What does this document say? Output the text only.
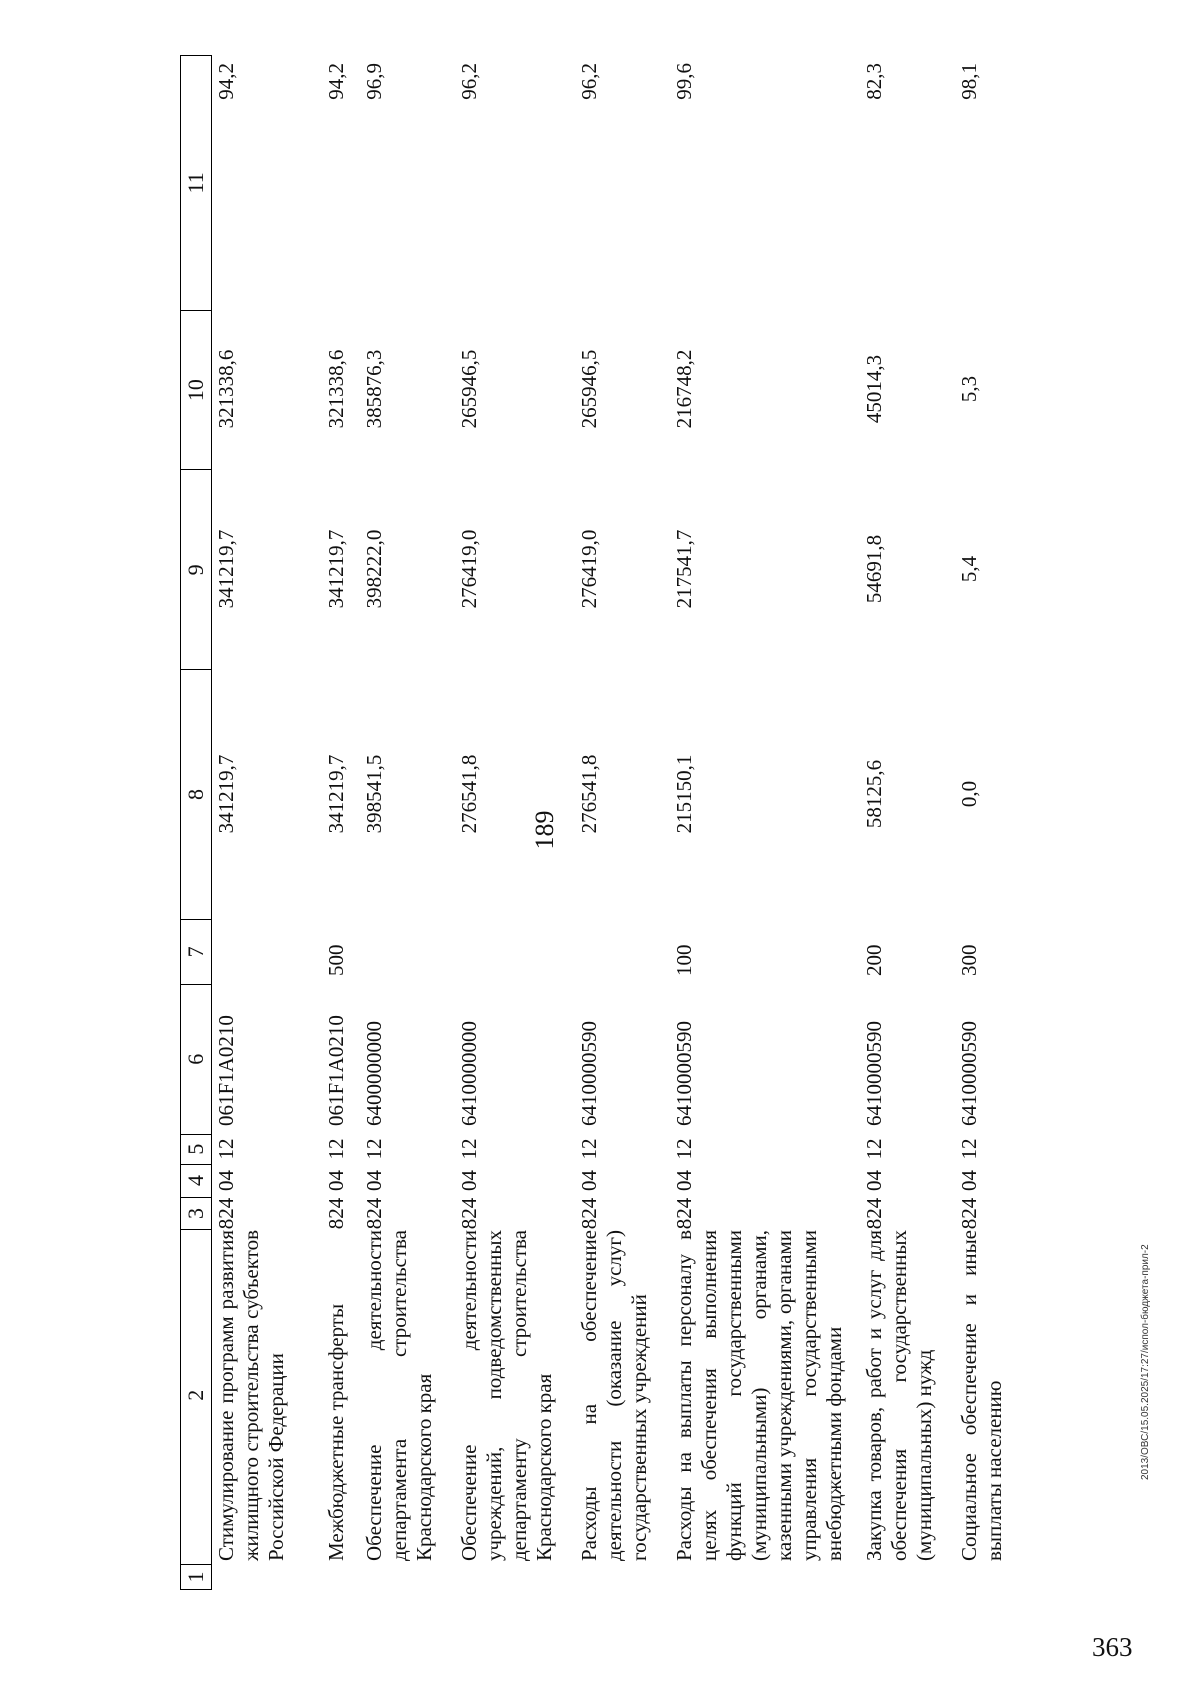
189
2013/ОВС/15.05.2025/17:27/испол-бюджета-прил-2
363
1
2
3
4
5
6
7
8
9
10
11
Стимулирование программ развития жилищного строительства субъектов Российской Федерации
824
04
12
061F1A0210
341219,7
341219,7
321338,6
94,2
Межбюджетные трансферты
824
04
12
061F1A0210
500
341219,7
341219,7
321338,6
94,2
Обеспечение деятельности департамента строительства Краснодарского края
824
04
12
6400000000
398541,5
398222,0
385876,3
96,9
Обеспечение деятельности учреждений, подведомственных департаменту строительства Краснодарского края
824
04
12
6410000000
276541,8
276419,0
265946,5
96,2
Расходы на обеспечение деятельности (оказание услуг) государственных учреждений
824
04
12
6410000590
276541,8
276419,0
265946,5
96,2
Расходы на выплаты персоналу в целях обеспечения выполнения функций государственными (муниципальными) органами, казенными учреждениями, органами управления государственными внебюджетными фондами
824
04
12
6410000590
100
215150,1
217541,7
216748,2
99,6
Закупка товаров, работ и услуг для обеспечения государственных (муниципальных) нужд
824
04
12
6410000590
200
58125,6
54691,8
45014,3
82,3
Социальное обеспечение и иные выплаты населению
824
04
12
6410000590
300
0,0
5,4
5,3
98,1
